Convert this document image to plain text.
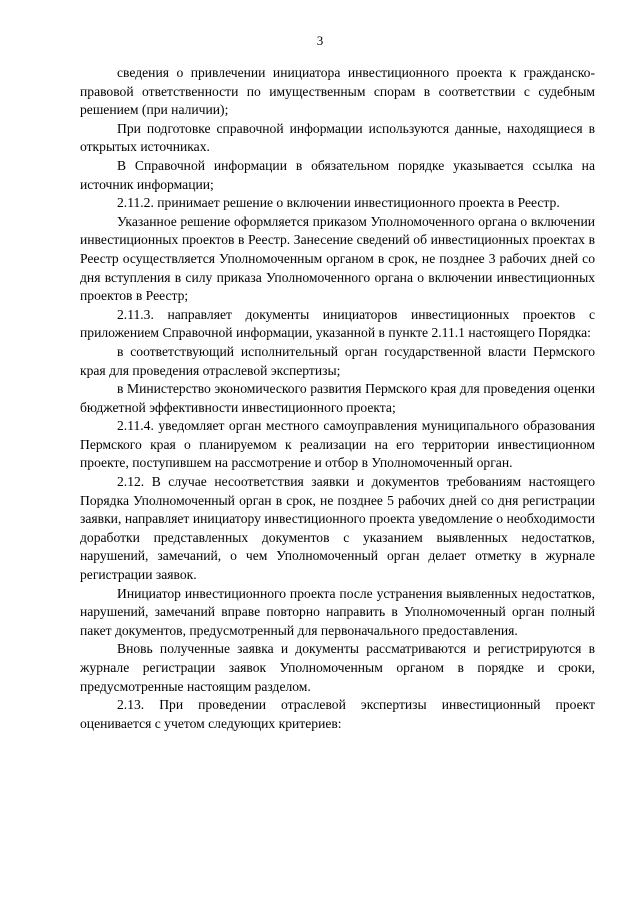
3

сведения о привлечении инициатора инвестиционного проекта к гражданско-правовой ответственности по имущественным спорам в соответствии с судебным решением (при наличии);

При подготовке справочной информации используются данные, находящиеся в открытых источниках.

В Справочной информации в обязательном порядке указывается ссылка на источник информации;

2.11.2. принимает решение о включении инвестиционного проекта в Реестр.

Указанное решение оформляется приказом Уполномоченного органа о включении инвестиционных проектов в Реестр. Занесение сведений об инвестиционных проектах в Реестр осуществляется Уполномоченным органом в срок, не позднее 3 рабочих дней со дня вступления в силу приказа Уполномоченного органа о включении инвестиционных проектов в Реестр;

2.11.3. направляет документы инициаторов инвестиционных проектов с приложением Справочной информации, указанной в пункте 2.11.1 настоящего Порядка:

в соответствующий исполнительный орган государственной власти Пермского края для проведения отраслевой экспертизы;

в Министерство экономического развития Пермского края для проведения оценки бюджетной эффективности инвестиционного проекта;

2.11.4. уведомляет орган местного самоуправления муниципального образования Пермского края о планируемом к реализации на его территории инвестиционном проекте, поступившем на рассмотрение и отбор в Уполномоченный орган.

2.12. В случае несоответствия заявки и документов требованиям настоящего Порядка Уполномоченный орган в срок, не позднее 5 рабочих дней со дня регистрации заявки, направляет инициатору инвестиционного проекта уведомление о необходимости доработки представленных документов с указанием выявленных недостатков, нарушений, замечаний, о чем Уполномоченный орган делает отметку в журнале регистрации заявок.

Инициатор инвестиционного проекта после устранения выявленных недостатков, нарушений, замечаний вправе повторно направить в Уполномоченный орган полный пакет документов, предусмотренный для первоначального предоставления.

Вновь полученные заявка и документы рассматриваются и регистрируются в журнале регистрации заявок Уполномоченным органом в порядке и сроки, предусмотренные настоящим разделом.

2.13. При проведении отраслевой экспертизы инвестиционный проект оценивается с учетом следующих критериев:
